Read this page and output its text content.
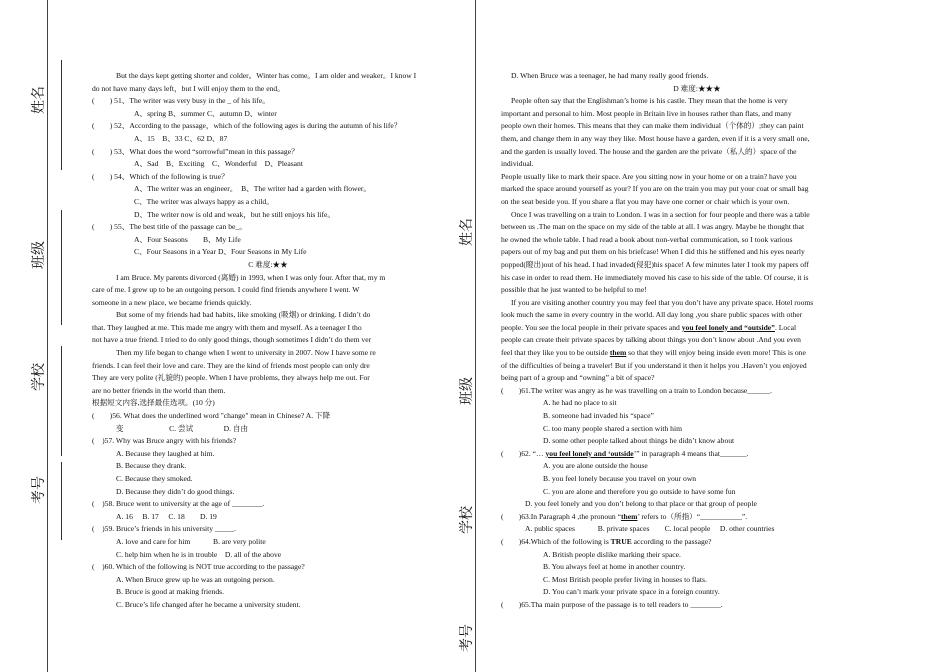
姓名
班级
学校
考号
姓名
班级
学校
考号

But the days kept getting shorter and colder。Winter has come。I am older and weaker。I know I

do not have many days left，but I will enjoy them to the end。

(　　) 51、The writer was very busy in the _ of his life。

A、spring B、summer C、autumn D、winter

(　　) 52、According to the passage，which of the following ages is during the autumn of his life？

A、15　B、33 C、62 D、87

(　　) 53、What does the word “sorrowful”mean in this passage？

A、Sad　B、Exciting　C、Wonderful　D、Pleasant

(　　) 54、Which of the following is true？

A、The writer was an engineer。　B、The writer had a garden with flower。

C、The writer was always happy as a child。

D、The writer now is old and weak，but he still enjoys his life。

(　　) 55、The best title of the passage can be_。

A、Four Seasons　　B、My Life

C、Four Seasons in a Year D、Four Seasons in My Life

C 难度:★★

I am Bruce. My parents divorced (离婚) in 1993, when I was only four. After that, my m

care of me. I grew up to be an outgoing person. I could find friends anywhere I went. W

someone in a new place, we became friends quickly.

But some of my friends had bad habits, like smoking (吸烟) or drinking. I didn’t do

that. They laughed at me. This made me angry with them and myself. As a teenager I tho

not have a true friend. I tried to do only good things, though sometimes I didn’t do them ver

Then my life began to change when I went to university in 2007. Now I have some re

friends. I can feel their love and care. They are the kind of friends most people can only dre

They are very polite (礼貌的) people. When I have problems, they always help me out. For

are no better friends in the world than them.

根据短文内容,选择最佳选项。(10 分)

(　　)56. What does the underlined word "change" mean in Chinese? A. 下降

变　　　　　　C. 尝试　　　　D. 自由

(　)57. Why was Bruce angry with his friends?

A. Because they laughed at him.

B. Because they drank.

C. Because they smoked.

D. Because they didn’t do good things.

(　)58. Bruce went to university at the age of ________.

A. 16　 B. 17　 C. 18　　D. 19

(　)59. Bruce’s friends in his university _____.

A. love and care for him　　　B. are very polite

C. help him when he is in trouble　D. all of the above

(　)60. Which of the following is NOT true according to the passage?

A. When Bruce grew up he was an outgoing person.

B. Bruce is good at making friends.

C. Bruce’s life changed after he became a university student.

D. When Bruce was a teenager, he had many really good friends.

D 难度:★★★

People often say that the Englishman’s home is his castle. They mean that the home is very

important and personal to him. Most people in Britain live in houses rather than flats, and many

people own their homes. This means that they can make them individual（个体的）;they can paint

them, and change them in any way they like. Most house have a garden, even if it is a very small one,

and the garden is usually loved. The house and the garden are the private（私人的）space of the

individual.

People usually like to mark their space. Are you sitting now in your home or on a train? have you

marked the space around yourself as your? If you are on the train you may put your coat or small bag

on the seat beside you. If you share a flat you may have one corner or chair which is your own.

Once I was travelling on a train to London. I was in a section for four people and there was a table

between us .The man on the space on my side of the table at all. I was angry. Maybe he thought that

he owned the whole table. I had read a book about non-verbal communication, so I took various

papers out of my bag and put them on his briefcase! When I did this he stiffened and his eyes nearly

popped(瞪出)out of his head. I had invaded(侵犯)his space! A few minutes later I took my papers off

his case in order to read them. He immediately moved his case to his side of the table. Of course, it is

possible that he just wanted to be helpful to me!

If you are visiting another country you may feel that you don’t have any private space. Hotel rooms

look much the same in every country in the world. All day long ,you share public spaces with other

people. You see the local people in their private spaces and you feel lonely and “outside”. Local

people can create their private spaces by talking about things you don’t know about .And you even

feel that they like you to be outside them so that they will enjoy being inside even more! This is one

of the difficulties of being a traveler! But if you understand it then it helps you .Haven’t you enjoyed

being part of a group and “owning” a bit of space?

(　　)61.The writer was angry as he was travelling on a train to London because______.

A. he had no place to sit

B. someone had invaded his “space”

C. too many people shared a section with him

D. some other people talked about things he didn’t know about

(　　)62. “… you feel lonely and ‘outside’” in paragraph 4 means that_______.

A. you are alone outside the house

B. you feel lonely because you travel on your own

C. you are alone and therefore you go outside to have some fun

D. you feel lonely and you don’t belong to that place or that group of people

(　　)63.In Paragraph 4 ,the pronoun “them’ refers to（所指）“___________”.

A. public spaces　　　B. private spaces　　C. local people　 D. other countries

(　　)64.Which of the following is TRUE according to the passage?

A. British people dislike marking their space.

B. You always feel at home in another country.

C. Most British people prefer living in houses to flats.

D. You can’t mark your private space in a foreign country.

(　　)65.Tha main purpose of the passage is to tell readers to ________.
